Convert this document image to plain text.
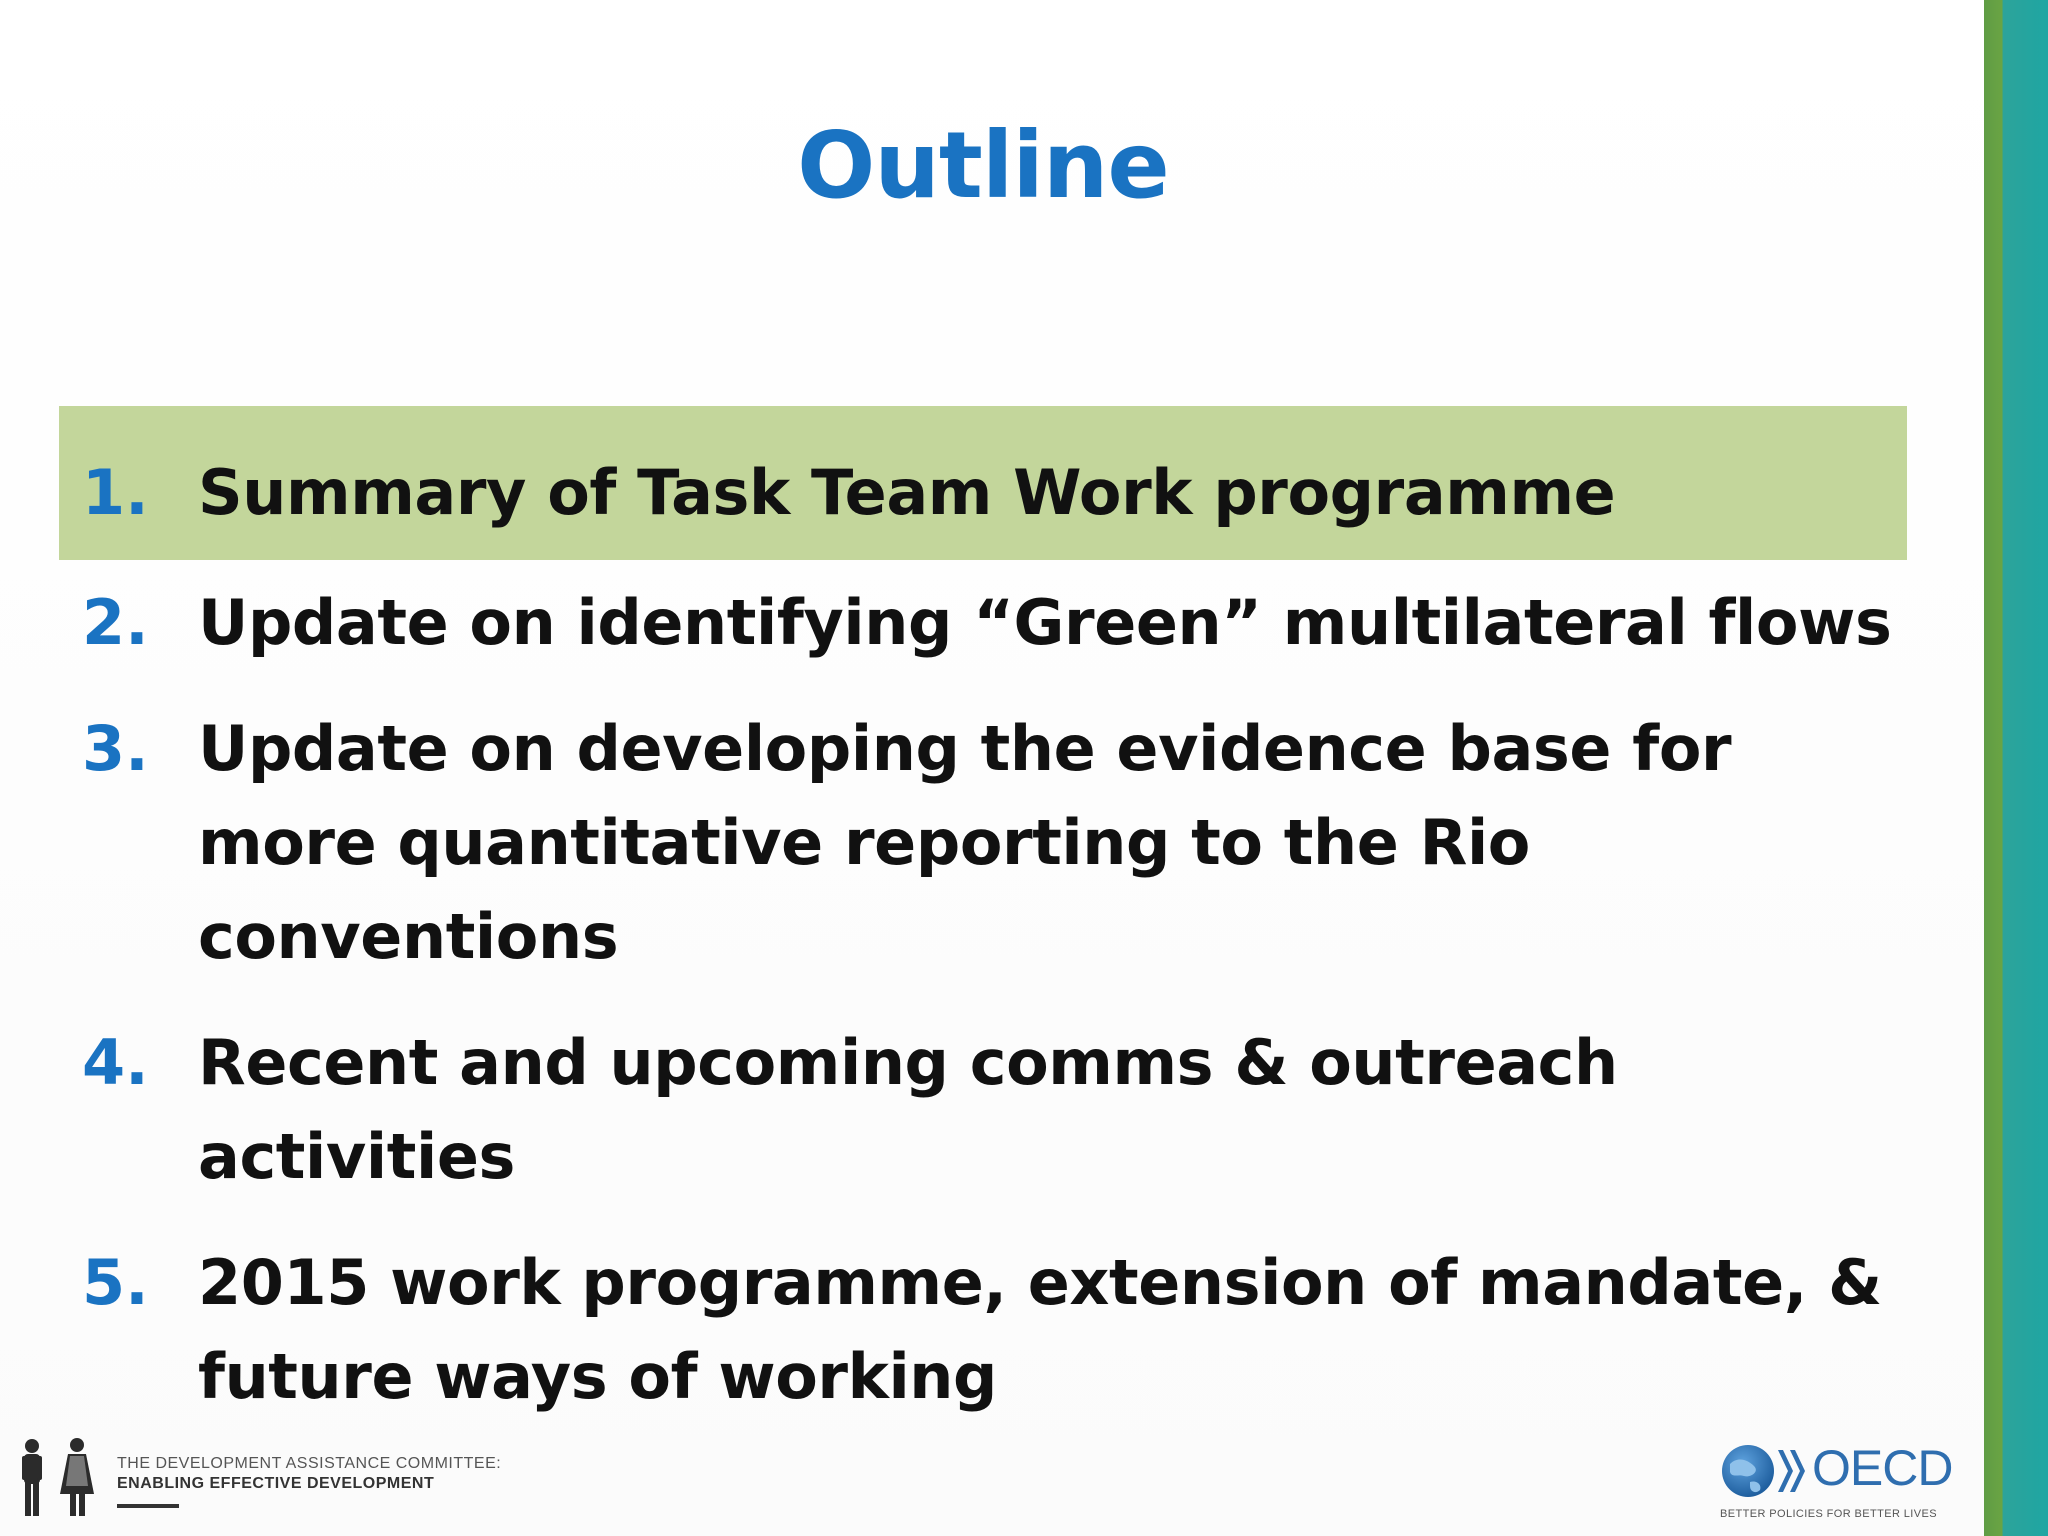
Outline
1. Summary of Task Team Work programme
2. Update on identifying “Green” multilateral flows
3. Update on developing the evidence base for more quantitative reporting to the Rio conventions
4. Recent and upcoming comms & outreach activities
5. 2015 work programme, extension of mandate, & future ways of working
THE DEVELOPMENT ASSISTANCE COMMITTEE:
ENABLING EFFECTIVE DEVELOPMENT	OECD
BETTER POLICIES FOR BETTER LIVES
